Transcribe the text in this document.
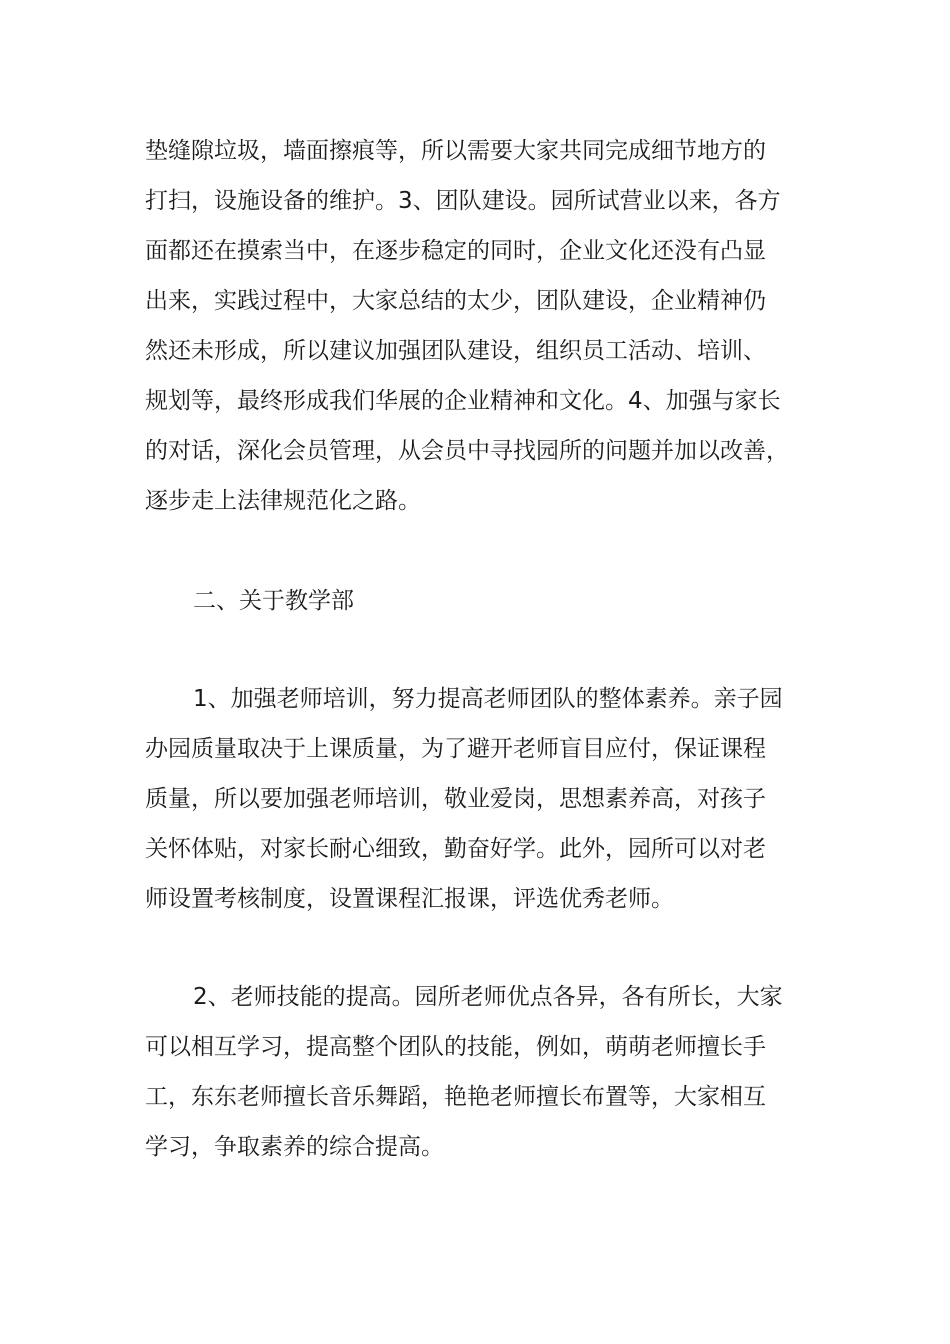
垫缝隙垃圾，墙面擦痕等，所以需要大家共同完成细节地方的
打扫，设施设备的维护。3、团队建设。园所试营业以来，各方
面都还在摸索当中，在逐步稳定的同时，企业文化还没有凸显
出来，实践过程中，大家总结的太少，团队建设，企业精神仍
然还未形成，所以建议加强团队建设，组织员工活动、培训、
规划等，最终形成我们华展的企业精神和文化。4、加强与家长
的对话，深化会员管理，从会员中寻找园所的问题并加以改善，
逐步走上法律规范化之路。
二、关于教学部
1、加强老师培训，努力提高老师团队的整体素养。亲子园
办园质量取决于上课质量，为了避开老师盲目应付，保证课程
质量，所以要加强老师培训，敬业爱岗，思想素养高，对孩子
关怀体贴，对家长耐心细致，勤奋好学。此外，园所可以对老
师设置考核制度，设置课程汇报课，评选优秀老师。
2、老师技能的提高。园所老师优点各异，各有所长，大家
可以相互学习，提高整个团队的技能，例如，萌萌老师擅长手
工，东东老师擅长音乐舞蹈，艳艳老师擅长布置等，大家相互
学习，争取素养的综合提高。
